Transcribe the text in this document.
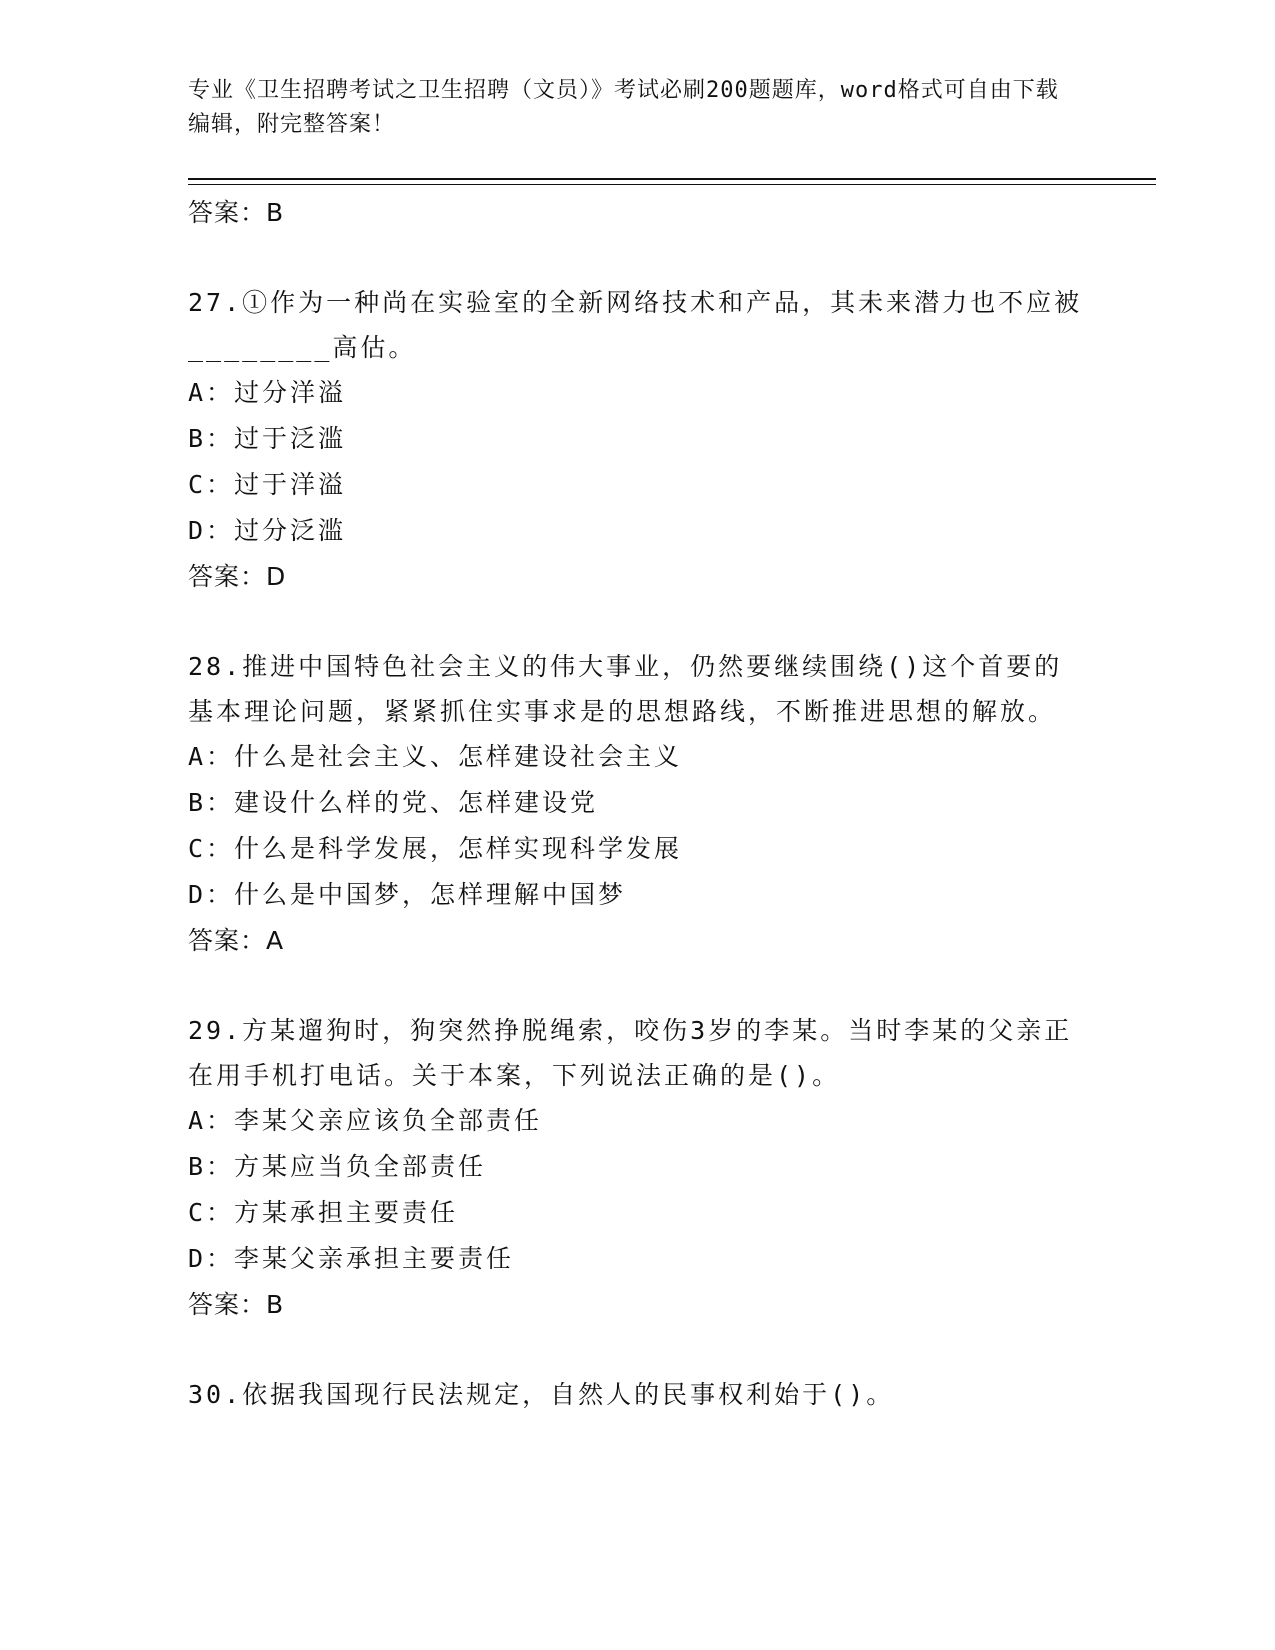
专业《卫生招聘考试之卫生招聘（文员）》考试必刷200题题库，word格式可自由下载编辑，附完整答案！
答案：B
27.①作为一种尚在实验室的全新网络技术和产品，其未来潜力也不应被________高估。
A：过分洋溢
B：过于泛滥
C：过于洋溢
D：过分泛滥
答案：D
28.推进中国特色社会主义的伟大事业，仍然要继续围绕()这个首要的基本理论问题，紧紧抓住实事求是的思想路线，不断推进思想的解放。
A：什么是社会主义、怎样建设社会主义
B：建设什么样的党、怎样建设党
C：什么是科学发展，怎样实现科学发展
D：什么是中国梦，怎样理解中国梦
答案：A
29.方某遛狗时，狗突然挣脱绳索，咬伤3岁的李某。当时李某的父亲正在用手机打电话。关于本案，下列说法正确的是()。
A：李某父亲应该负全部责任
B：方某应当负全部责任
C：方某承担主要责任
D：李某父亲承担主要责任
答案：B
30.依据我国现行民法规定，自然人的民事权利始于()。
